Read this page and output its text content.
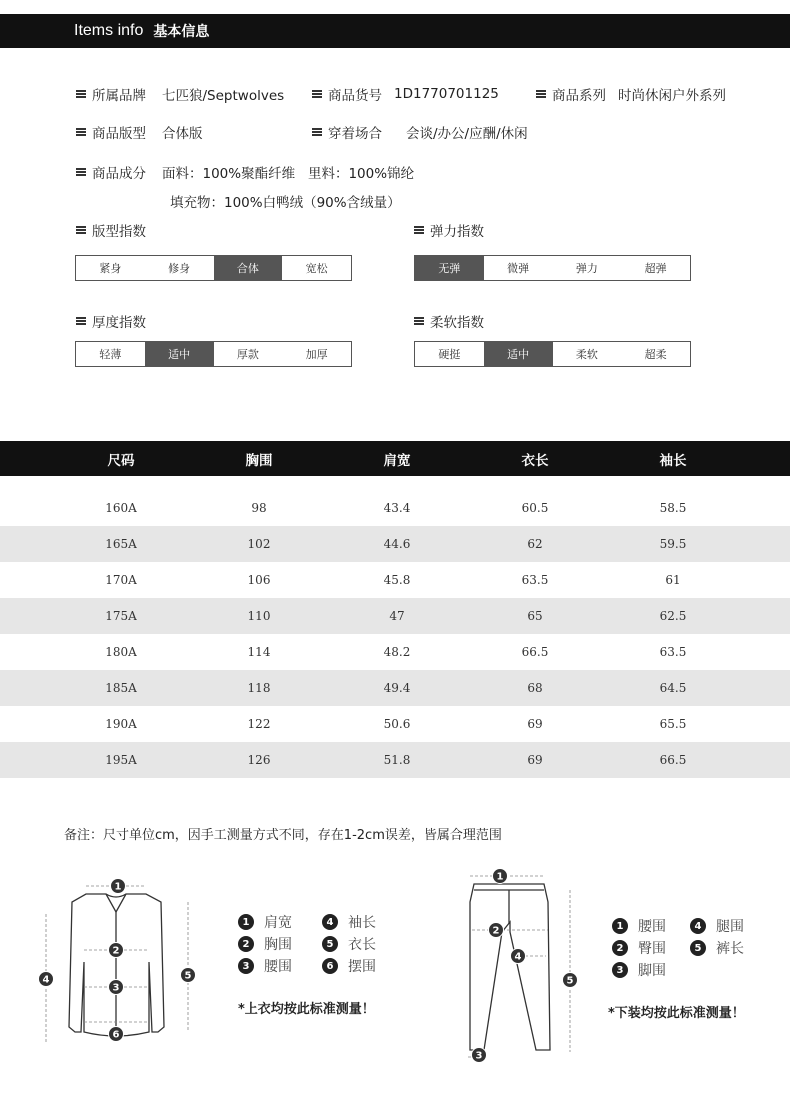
Items info 基本信息
所属品牌 七匹狼/Septwolves	商品货号 1D1770701125	商品系列 时尚休闲户外系列
商品版型 合体版	穿着场合 会谈/办公/应酬/休闲
商品成分 面料：100%聚酯纤维   里料：100%锦纶
填充物：100%白鸭绒（90%含绒量）
版型指数
紧身	修身	合体	宽松
弹力指数
无弹	微弹	弹力	超弹
厚度指数
轻薄	适中	厚款	加厚
柔软指数
硬挺	适中	柔软	超柔
尺码	胸围	肩宽	衣长	袖长
160A	98	43.4	60.5	58.5
165A	102	44.6	62	59.5
170A	106	45.8	63.5	61
175A	110	47	65	62.5
180A	114	48.2	66.5	63.5
185A	118	49.4	68	64.5
190A	122	50.6	69	65.5
195A	126	51.8	69	66.5
备注：尺寸单位cm，因手工测量方式不同，存在1-2cm误差，皆属合理范围
1
2
3
4	5
6
1	肩宽	4	袖长
2	胸围	5	衣长
3	腰围	6	摆围
*上衣均按此标准测量！
1
2
3
4
5
1	腰围	4	腿围
2	臀围	5	裤长
3	脚围
*下装均按此标准测量！
